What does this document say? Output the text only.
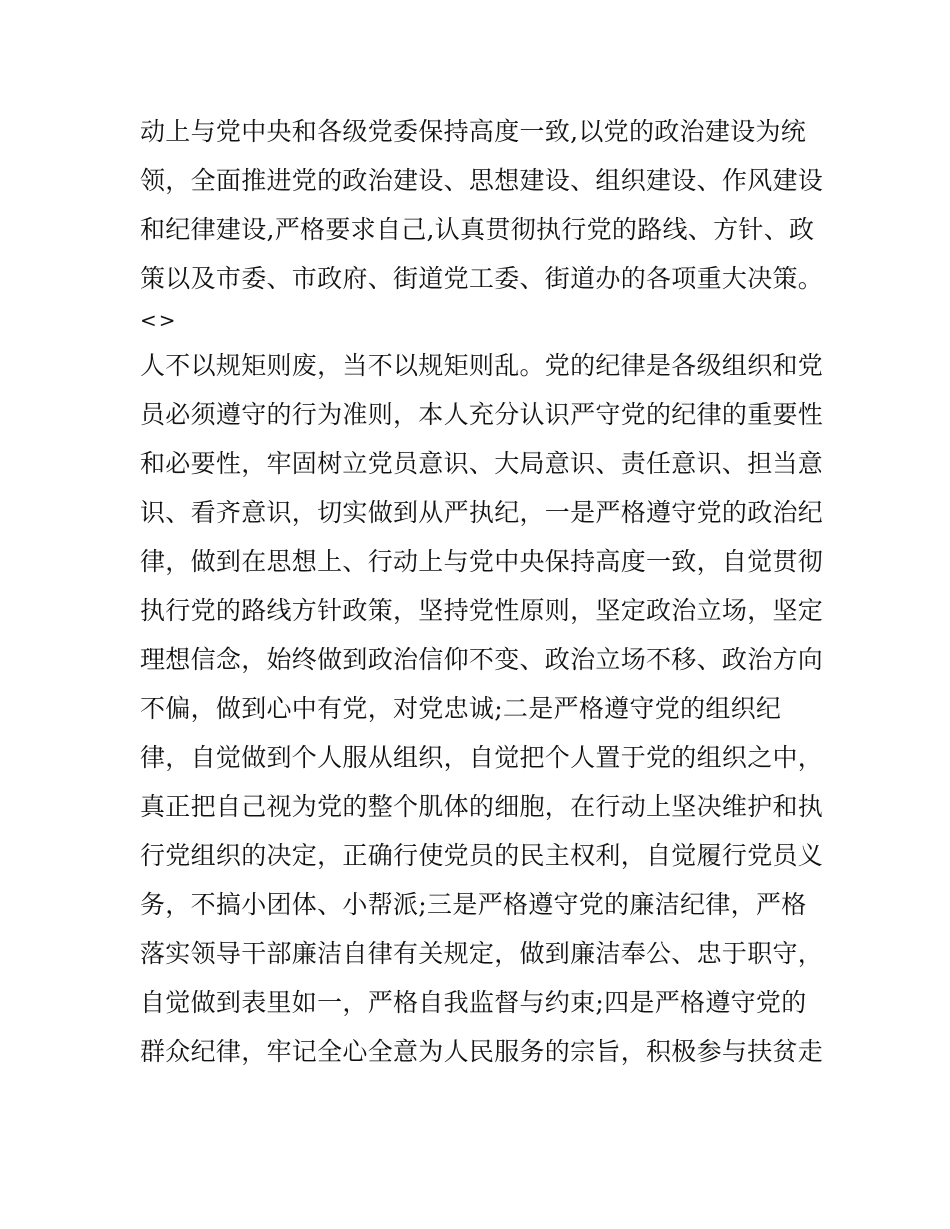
动上与党中央和各级党委保持高度一致,以党的政治建设为统
领，全面推进党的政治建设、思想建设、组织建设、作风建设
和纪律建设,严格要求自己,认真贯彻执行党的路线、方针、政
策以及市委、市政府、街道党工委、街道办的各项重大决策。
<>
人不以规矩则废，当不以规矩则乱。党的纪律是各级组织和党
员必须遵守的行为准则，本人充分认识严守党的纪律的重要性
和必要性，牢固树立党员意识、大局意识、责任意识、担当意
识、看齐意识，切实做到从严执纪，一是严格遵守党的政治纪
律，做到在思想上、行动上与党中央保持高度一致，自觉贯彻
执行党的路线方针政策，坚持党性原则，坚定政治立场，坚定
理想信念，始终做到政治信仰不变、政治立场不移、政治方向
不偏，做到心中有党，对党忠诚;二是严格遵守党的组织纪
律，自觉做到个人服从组织，自觉把个人置于党的组织之中，
真正把自己视为党的整个肌体的细胞，在行动上坚决维护和执
行党组织的决定，正确行使党员的民主权利，自觉履行党员义
务，不搞小团体、小帮派;三是严格遵守党的廉洁纪律，严格
落实领导干部廉洁自律有关规定，做到廉洁奉公、忠于职守，
自觉做到表里如一，严格自我监督与约束;四是严格遵守党的
群众纪律，牢记全心全意为人民服务的宗旨，积极参与扶贫走
